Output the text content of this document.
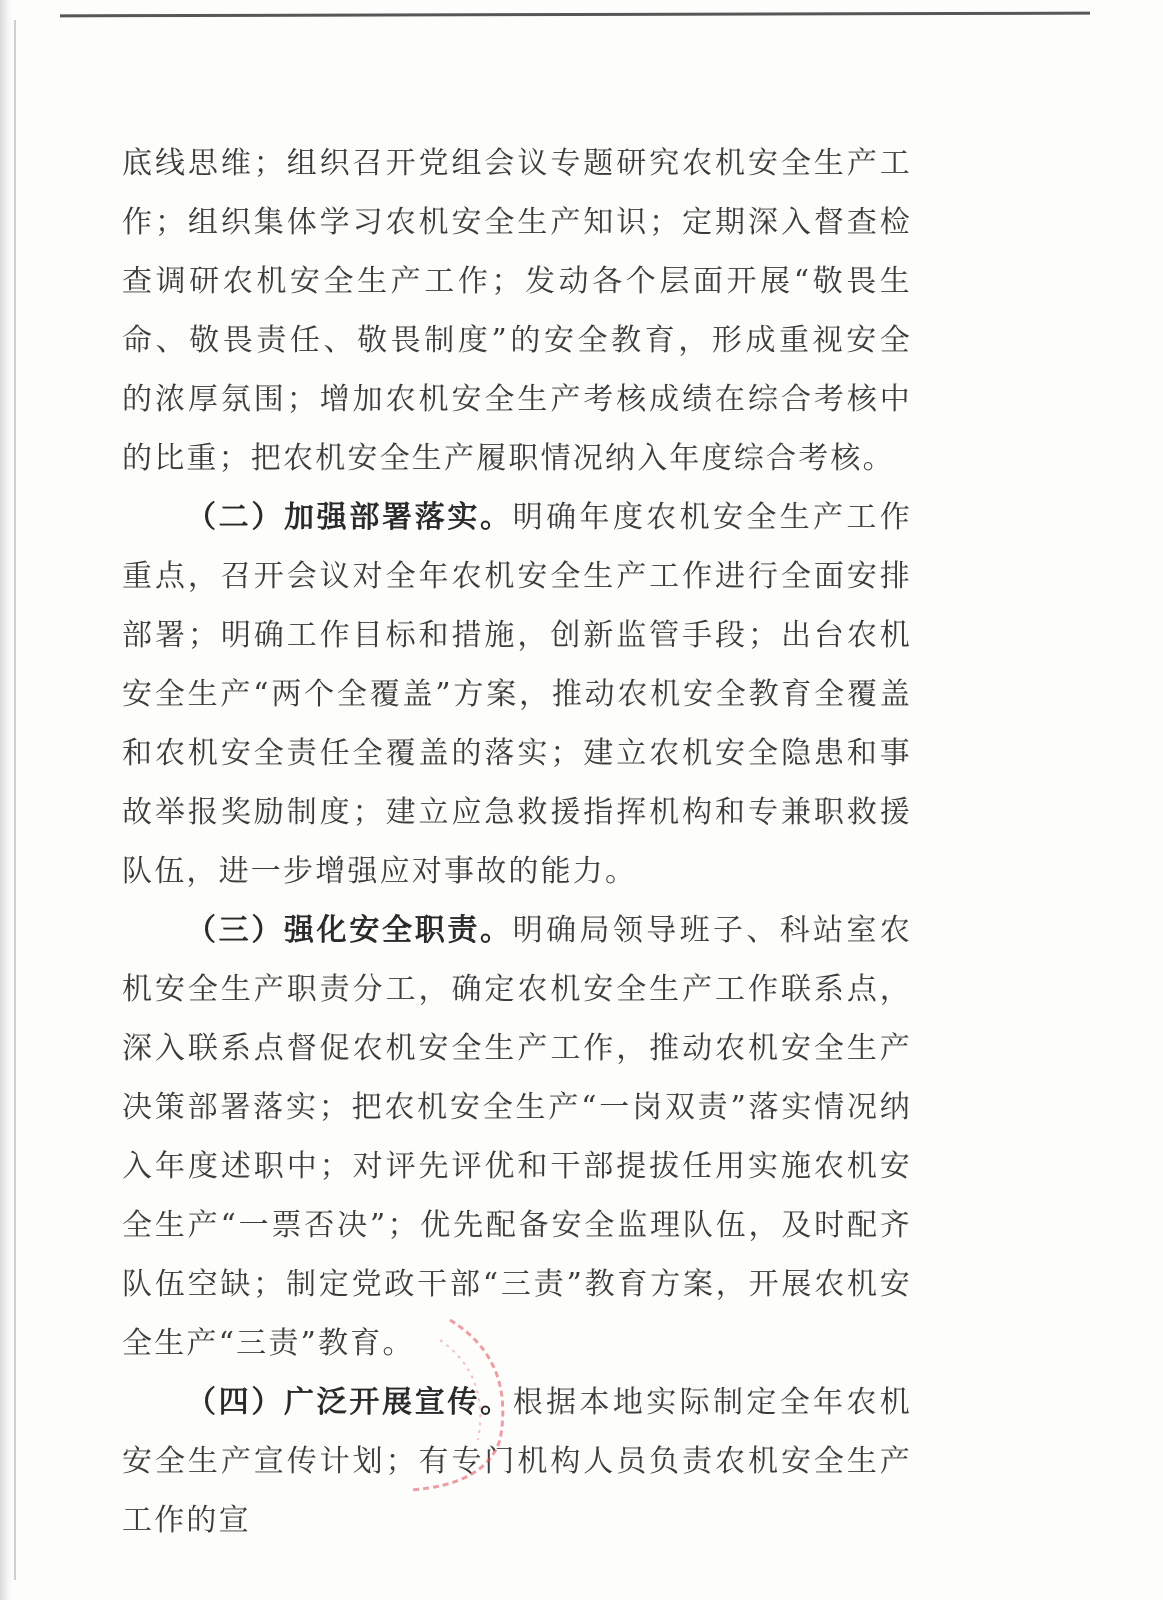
底线思维；组织召开党组会议专题研究农机安全生产工作；组织集体学习农机安全生产知识；定期深入督查检查调研农机安全生产工作；发动各个层面开展“敬畏生命、敬畏责任、敬畏制度”的安全教育，形成重视安全的浓厚氛围；增加农机安全生产考核成绩在综合考核中的比重；把农机安全生产履职情况纳入年度综合考核。

（二）加强部署落实。明确年度农机安全生产工作重点，召开会议对全年农机安全生产工作进行全面安排部署；明确工作目标和措施，创新监管手段；出台农机安全生产“两个全覆盖”方案，推动农机安全教育全覆盖和农机安全责任全覆盖的落实；建立农机安全隐患和事故举报奖励制度；建立应急救援指挥机构和专兼职救援队伍，进一步增强应对事故的能力。

（三）强化安全职责。明确局领导班子、科站室农机安全生产职责分工，确定农机安全生产工作联系点，深入联系点督促农机安全生产工作，推动农机安全生产决策部署落实；把农机安全生产“一岗双责”落实情况纳入年度述职中；对评先评优和干部提拔任用实施农机安全生产“一票否决”；优先配备安全监理队伍，及时配齐队伍空缺；制定党政干部“三责”教育方案，开展农机安全生产“三责”教育。

（四）广泛开展宣传。根据本地实际制定全年农机安全生产宣传计划；有专门机构人员负责农机安全生产工作的宣
